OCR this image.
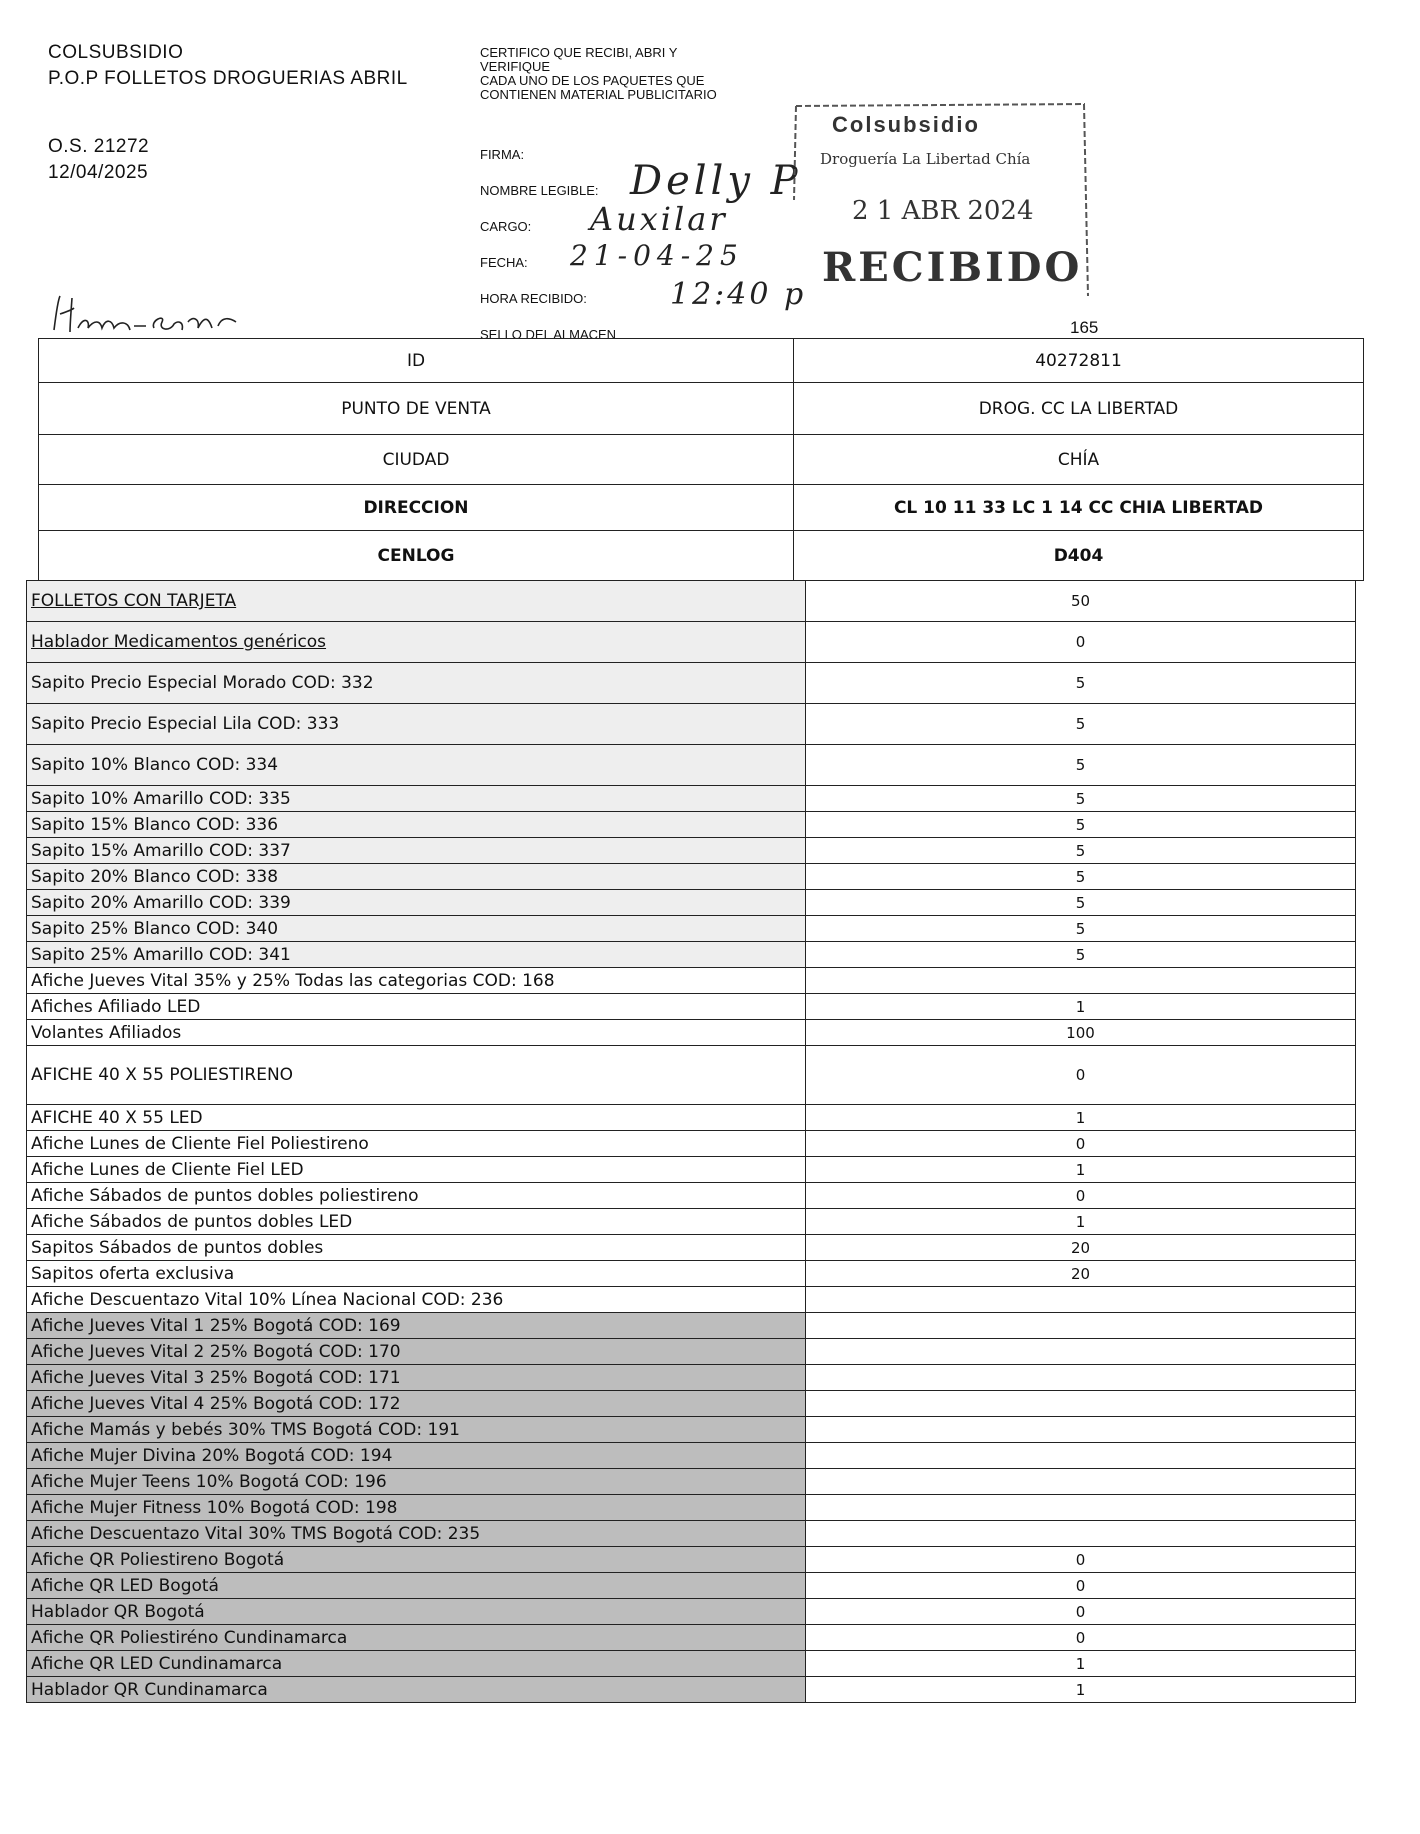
COLSUBSIDIO
P.O.P FOLLETOS DROGUERIAS ABRIL
O.S. 21272
12/04/2025
CERTIFICO QUE RECIBI, ABRI Y
VERIFIQUE
CADA UNO DE LOS PAQUETES QUE
CONTIENEN MATERIAL PUBLICITARIO
FIRMA:
NOMBRE LEGIBLE: Delly P
CARGO: Auxilar
FECHA: 21-04-25
HORA RECIBIDO:	12:40 p
SELLO DEL ALMACEN
Colsubsidio
Droguería La Libertad Chía
2 1 ABR 2024
RECIBIDO
165
ID	40272811
PUNTO DE VENTA	DROG. CC LA LIBERTAD
CIUDAD	CHÍA
DIRECCION	CL 10 11 33 LC 1 14 CC CHIA LIBERTAD
CENLOG	D404
FOLLETOS CON TARJETA	50
Hablador Medicamentos genéricos	0
Sapito Precio Especial Morado COD: 332	5
Sapito Precio Especial Lila COD: 333	5
Sapito 10% Blanco COD: 334	5
Sapito 10% Amarillo COD: 335	5
Sapito 15% Blanco COD: 336	5
Sapito 15% Amarillo COD: 337	5
Sapito 20% Blanco COD: 338	5
Sapito 20% Amarillo COD: 339	5
Sapito 25% Blanco COD: 340	5
Sapito 25% Amarillo COD: 341	5
Afiche Jueves Vital 35% y 25% Todas las categorias COD: 168	
Afiches Afiliado LED	1
Volantes Afiliados	100
AFICHE 40 X 55 POLIESTIRENO	0
AFICHE 40 X 55 LED	1
Afiche Lunes de Cliente Fiel Poliestireno	0
Afiche Lunes de Cliente Fiel LED	1
Afiche Sábados de puntos dobles poliestireno	0
Afiche Sábados de puntos dobles LED	1
Sapitos Sábados de puntos dobles	20
Sapitos oferta exclusiva	20
Afiche Descuentazo Vital 10% Línea Nacional COD: 236	
Afiche Jueves Vital 1 25% Bogotá COD: 169	
Afiche Jueves Vital 2 25% Bogotá COD: 170	
Afiche Jueves Vital 3 25% Bogotá COD: 171	
Afiche Jueves Vital 4 25% Bogotá COD: 172	
Afiche Mamás y bebés 30% TMS Bogotá COD: 191	
Afiche Mujer Divina 20% Bogotá COD: 194	
Afiche Mujer Teens 10% Bogotá COD: 196	
Afiche Mujer Fitness 10% Bogotá COD: 198	
Afiche Descuentazo Vital 30% TMS Bogotá COD: 235	
Afiche QR Poliestireno Bogotá	0
Afiche QR LED Bogotá	0
Hablador QR Bogotá	0
Afiche QR Poliestiréno Cundinamarca	0
Afiche QR LED Cundinamarca	1
Hablador QR Cundinamarca	1
